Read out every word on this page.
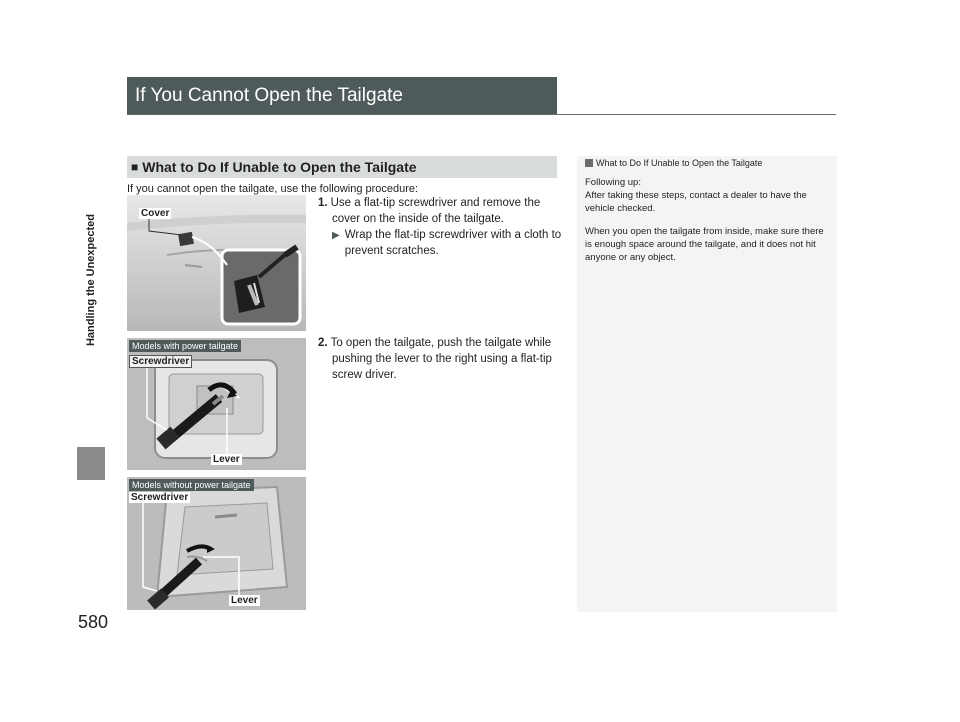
Handling the Unexpected
580
If You Cannot Open the Tailgate
■ What to Do If Unable to Open the Tailgate
If you cannot open the tailgate, use the following procedure:
1. Use a flat-tip screwdriver and remove the cover on the inside of the tailgate.
▶ Wrap the flat-tip screwdriver with a cloth to prevent scratches.
2. To open the tailgate, push the tailgate while pushing the lever to the right using a flat-tip screw driver.
Cover
Models with power tailgate
Screwdriver
Lever
Models without power tailgate
Screwdriver
Lever
What to Do If Unable to Open the Tailgate

Following up:

After taking these steps, contact a dealer to have the vehicle checked.

When you open the tailgate from inside, make sure there is enough space around the tailgate, and it does not hit anyone or any object.
